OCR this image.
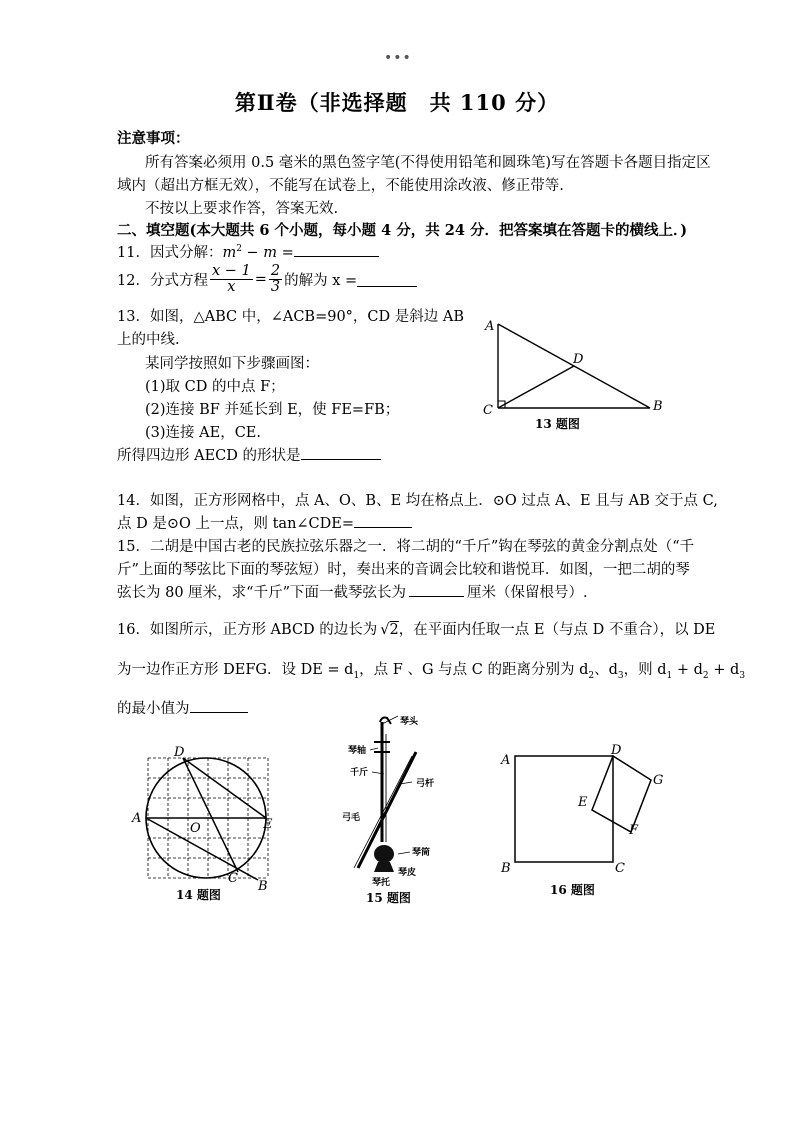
•••
第Ⅱ卷（非选择题　共 110 分）
注意事项：
所有答案必须用 0.5 毫米的黑色签字笔(不得使用铅笔和圆珠笔)写在答题卡各题目指定区
域内（超出方框无效），不能写在试卷上，不能使用涂改液、修正带等.
不按以上要求作答，答案无效.
二、填空题(本大题共 6 个小题，每小题 4 分，共 24 分．把答案填在答题卡的横线上．)
11．因式分解：$m^2 - m$ =
12．分式方程 $\frac{x - 1}{x} = \frac{2}{3}$ 的解为 x =
13．如图，△ABC 中，∠ACB=90°，CD 是斜边 AB
上的中线.
某同学按照如下步骤画图：
(1)取 CD 的中点 F；
(2)连接 BF 并延长到 E，使 FE=FB；
(3)连接 AE，CE.
所得四边形 AECD 的形状是
A
C	B
D
13 题图
14．如图，正方形网格中，点 A、O、B、E 均在格点上．⊙O 过点 A、E 且与 AB 交于点 C,
点 D 是⊙O 上一点，则 tan∠CDE=
15．二胡是中国古老的民族拉弦乐器之一．将二胡的“千斤”钩在琴弦的黄金分割点处（“千
斤”上面的琴弦比下面的琴弦短）时，奏出来的音调会比较和谐悦耳．如图，一把二胡的琴
弦长为 80 厘米，求“千斤”下面一截琴弦长为	厘米（保留根号）.
16．如图所示，正方形 ABCD 的边长为 √2，在平面内任取一点 E（与点 D 不重合），以 DE
为一边作正方形 DEFG．设 DE = $d_1$，点 F 、G 与点 C 的距离分别为 $d_2$、$d_3$，则 $d_1 + d_2 + d_3$
的最小值为
A
D
O	E
C
B
14 题图
琴头
琴轴
千斤
弓杆
弓毛
琴筒
琴托
琴皮
15 题图
A
D
G
E
F
B	C
16 题图
